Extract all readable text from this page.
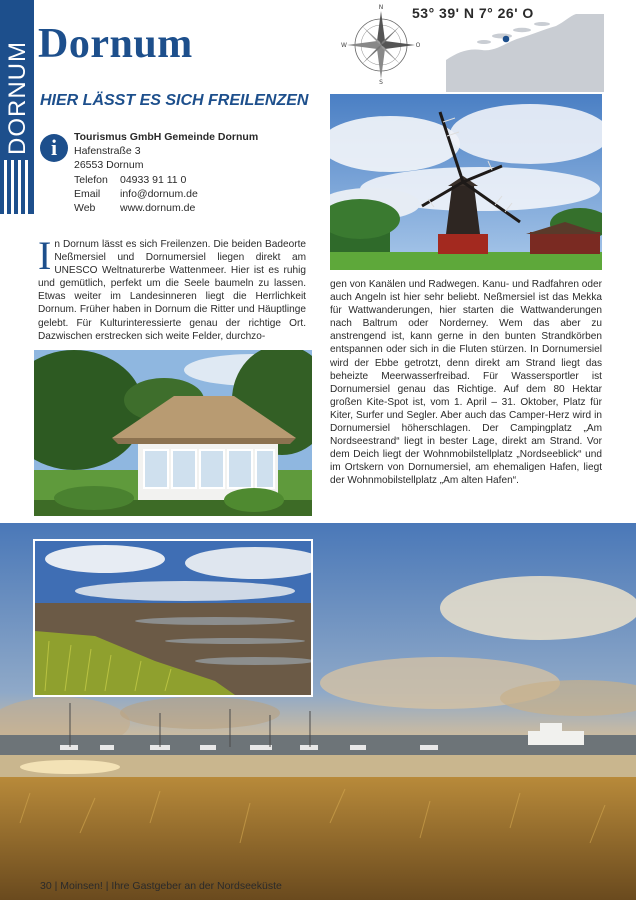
DORNUM Dornum
HIER LÄSST ES SICH FREILENZEN
N
S
W	O
53° 39' N 7° 26' O
i	Tourismus GmbH Gemeinde Dornum
Hafenstraße 3
26553 Dornum
Telefon	04933 91 11 0
Email	info@dornum.de
Web	www.dornum.de
In Dornum lässt es sich Freilenzen. Die beiden Badeorte Neßmersiel und Dornumersiel liegen direkt am UNESCO Weltnaturerbe Wattenmeer. Hier ist es ruhig und gemütlich, perfekt um die Seele baumeln zu lassen. Etwas weiter im Landesinneren liegt die Herrlichkeit Dornum. Früher haben in Dornum die Ritter und Häuptlinge gelebt. Für Kulturinteressierte genau der richtige Ort. Dazwischen erstrecken sich weite Felder, durchzo-
gen von Kanälen und Radwegen. Kanu- und Radfahren oder auch Angeln ist hier sehr beliebt. Neßmersiel ist das Mekka für Wattwanderungen, hier starten die Wattwanderungen nach Baltrum oder Norderney. Wem das aber zu anstrengend ist, kann gerne in den bunten Strandkörben entspannen oder sich in die Fluten stürzen. In Dornumersiel wird der Ebbe getrotzt, denn direkt am Strand liegt das beheizte Meerwasserfreibad. Für Wassersportler ist Dornumersiel genau das Richtige. Auf dem 80 Hektar großen Kite-Spot ist, vom 1. April – 31. Oktober, Platz für Kiter, Surfer und Segler. Aber auch das Camper-Herz wird in Dornumersiel höherschlagen. Der Campingplatz „Am Nordseestrand“ liegt in bester Lage, direkt am Strand. Vor dem Deich liegt der Wohnmobilstellplatz „Nordseeblick“ und im Ortskern von Dornumersiel, am ehemaligen Hafen, liegt der Wohnmobilstellplatz „Am alten Hafen“.
30 | Moinsen! | Ihre Gastgeber an der Nordseeküste
